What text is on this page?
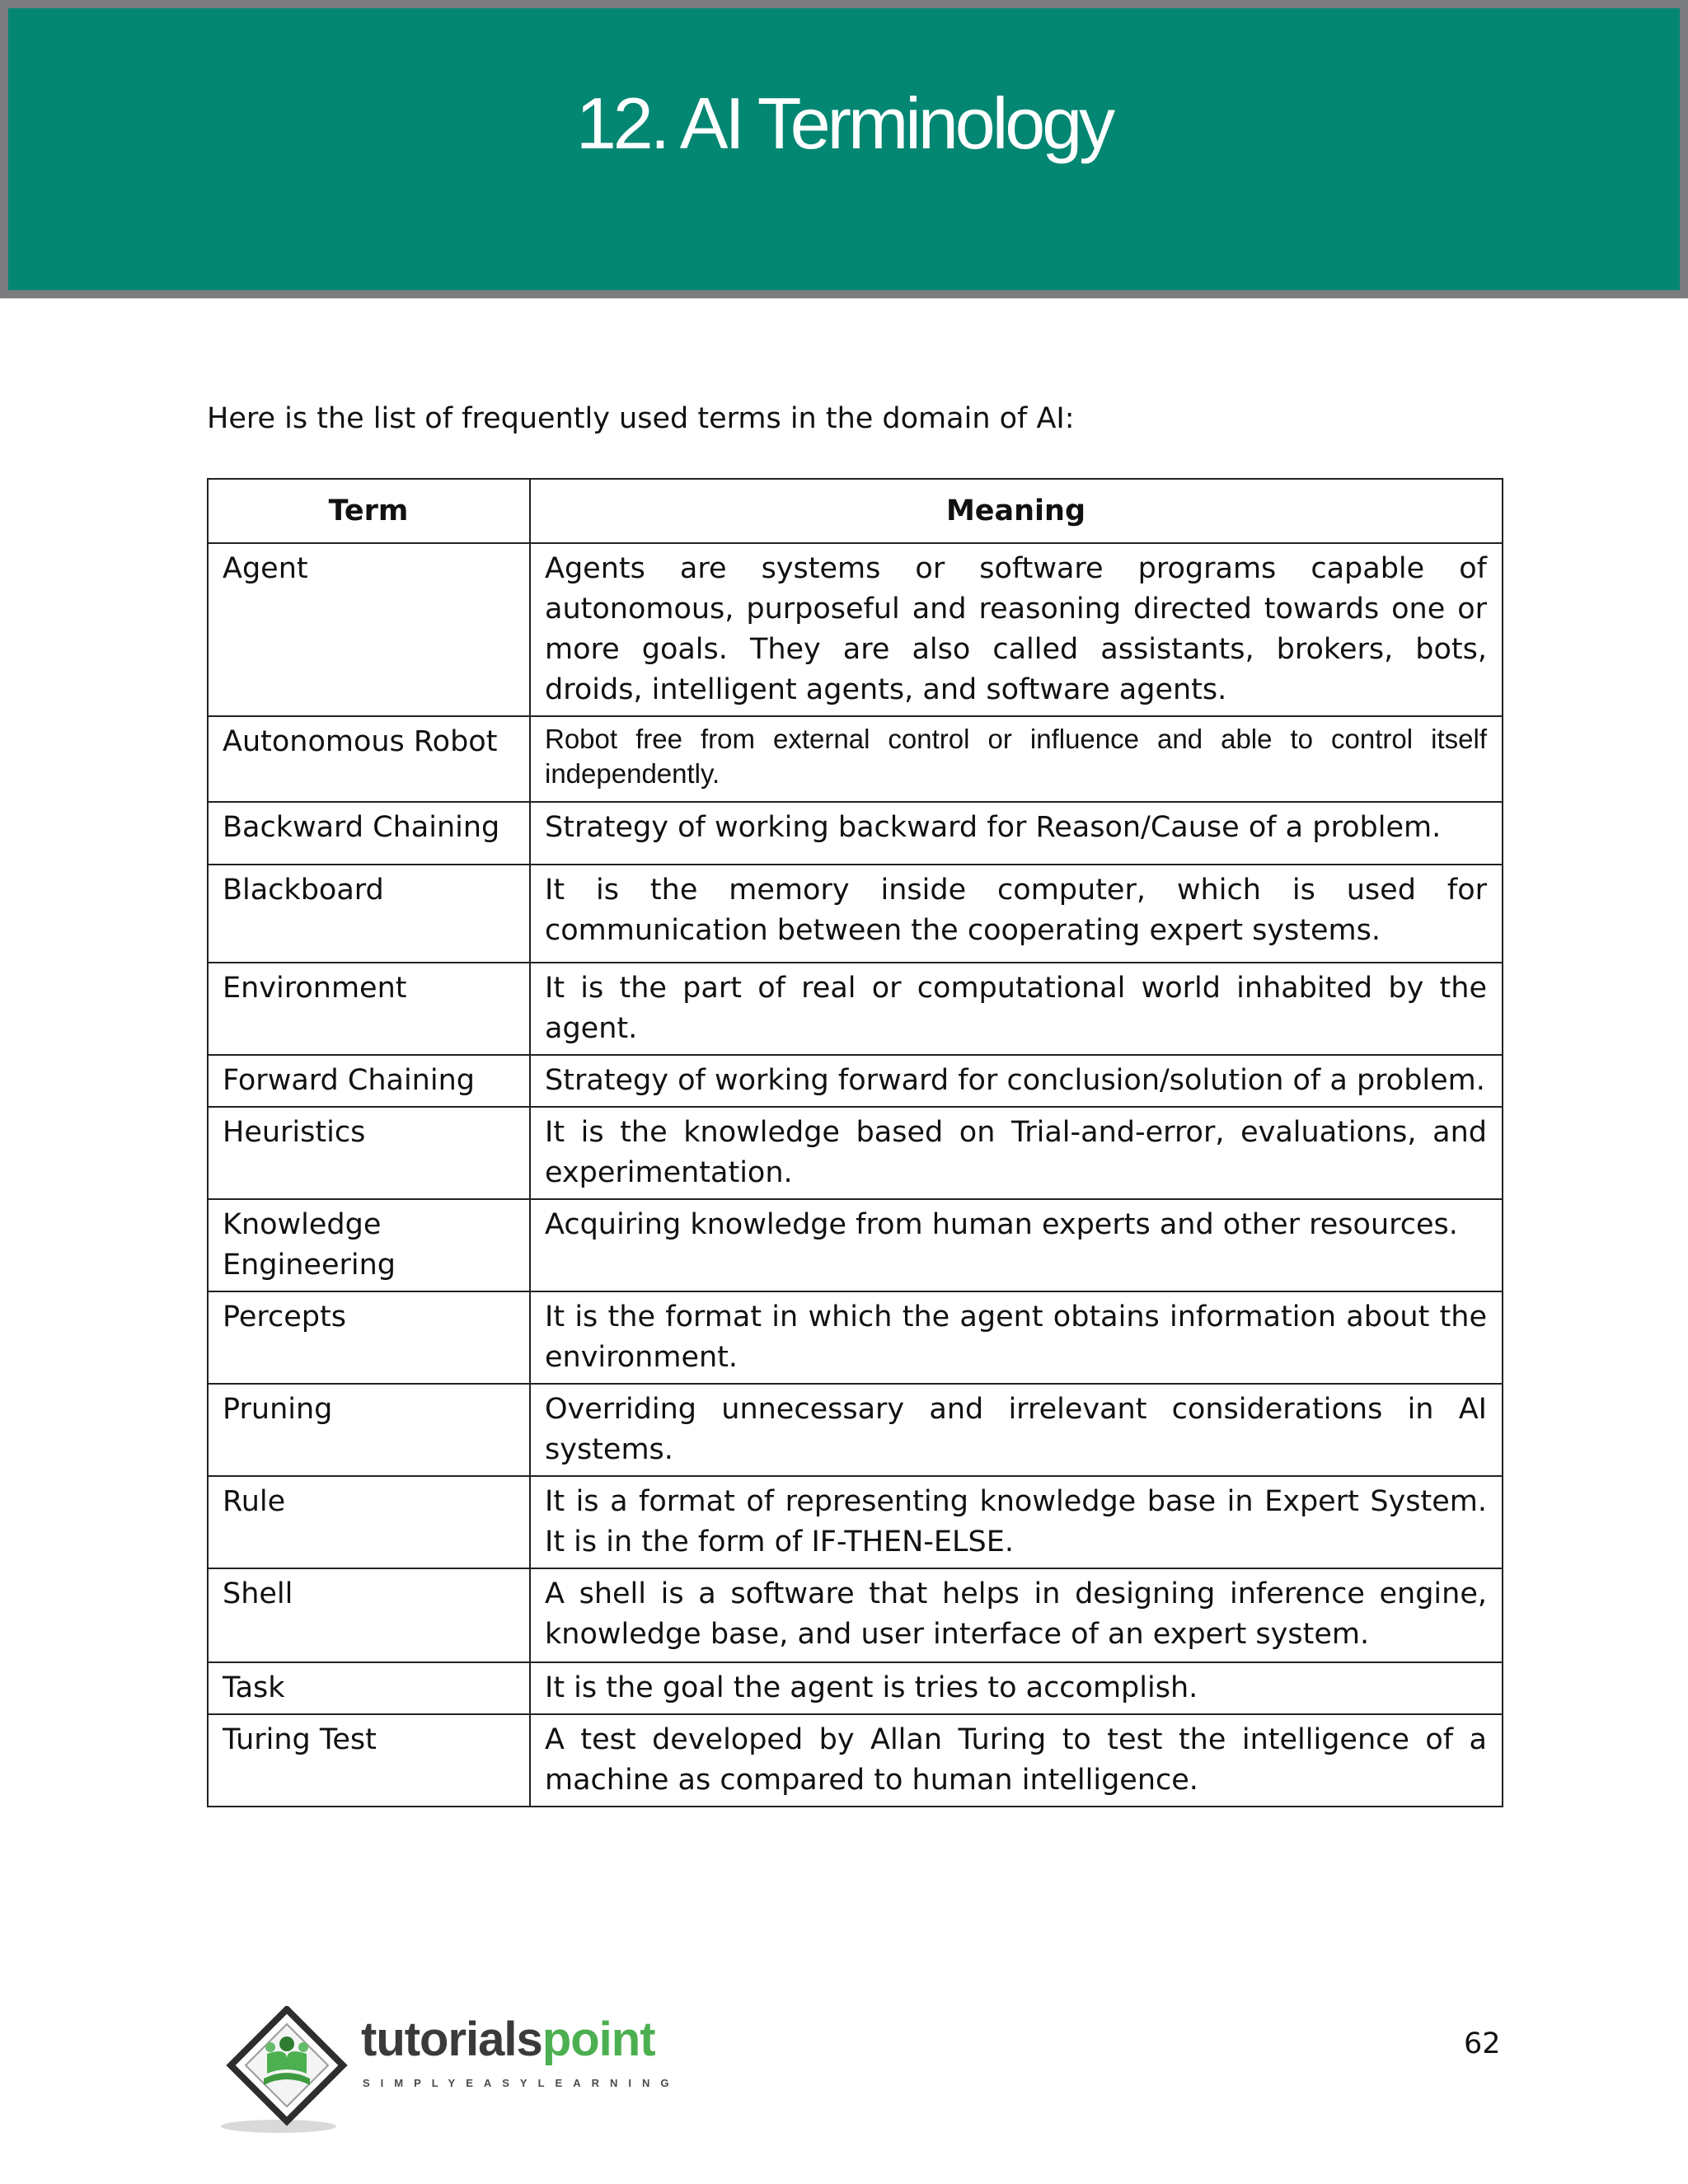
12. AI Terminology
Here is the list of frequently used terms in the domain of AI:
Term	Meaning
Agent	Agents are systems or software programs capable of autonomous, purposeful and reasoning directed towards one or more goals. They are also called assistants, brokers, bots, droids, intelligent agents, and software agents.
Autonomous Robot	Robot free from external control or influence and able to control itself independently.
Backward Chaining	Strategy of working backward for Reason/Cause of a problem.
Blackboard	It is the memory inside computer, which is used for communication between the cooperating expert systems.
Environment	It is the part of real or computational world inhabited by the agent.
Forward Chaining	Strategy of working forward for conclusion/solution of a problem.
Heuristics	It is the knowledge based on Trial-and-error, evaluations, and experimentation.
Knowledge Engineering	Acquiring knowledge from human experts and other resources.
Percepts	It is the format in which the agent obtains information about the environment.
Pruning	Overriding unnecessary and irrelevant considerations in AI systems.
Rule	It is a format of representing knowledge base in Expert System. It is in the form of IF-THEN-ELSE.
Shell	A shell is a software that helps in designing inference engine, knowledge base, and user interface of an expert system.
Task	It is the goal the agent is tries to accomplish.
Turing Test	A test developed by Allan Turing to test the intelligence of a machine as compared to human intelligence.
tutorialspoint
SIMPLYEASYLEARNING
62
